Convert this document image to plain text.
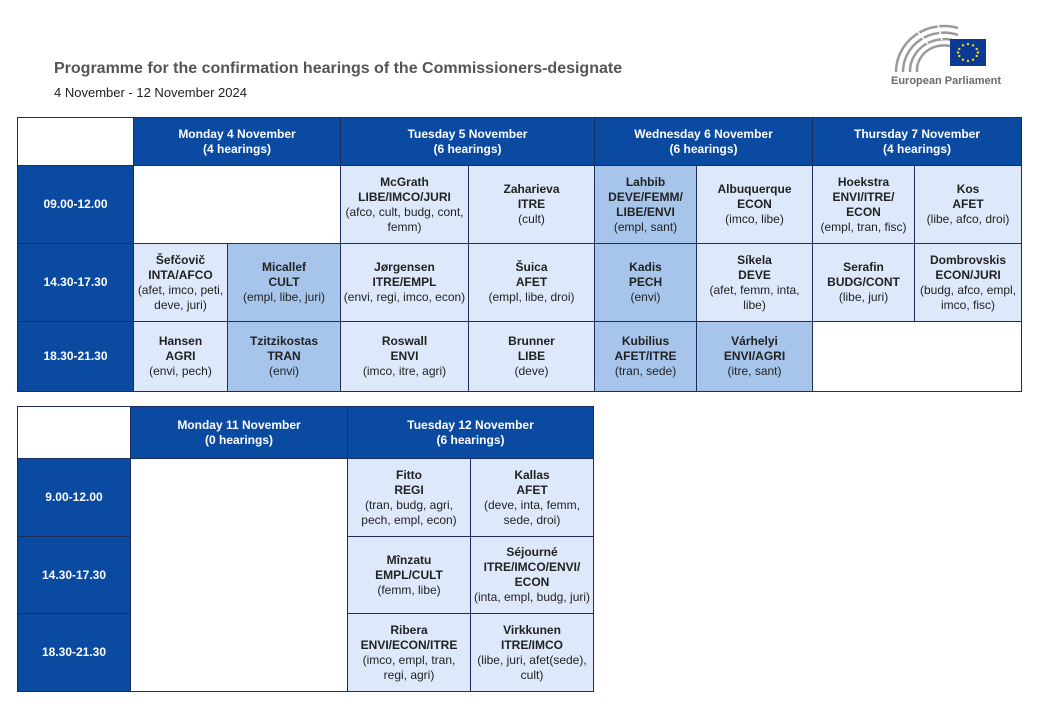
Programme for the confirmation hearings of the Commissioners-designate
4 November - 12 November 2024
European Parliament

	Monday 4 November
(4 hearings)		Tuesday 5 November
(6 hearings)		Wednesday 6 November
(6 hearings)		Thursday 7 November
(4 hearings)	

09.00-12.00			McGrath
LIBE/IMCO/JURI
(afco, cult, budg, cont, femm)	Zaharieva
ITRE
(cult)	Lahbib
DEVE/FEMM/ LIBE/ENVI
(empl, sant)	Albuquerque
ECON
(imco, libe)	Hoekstra
ENVI/ITRE/ ECON
(empl, tran, fisc)	Kos
AFET
(libe, afco, droi)

14.30-17.30	Šefčovič
INTA/AFCO
(afet, imco, peti, deve, juri)	Micallef
CULT
(empl, libe, juri)	Jørgensen
ITRE/EMPL
(envi, regi, imco, econ)	Šuica
AFET
(empl, libe, droi)	Kadis
PECH
(envi)	Síkela
DEVE
(afet, femm, inta, libe)	Serafin
BUDG/CONT
(libe, juri)	Dombrovskis
ECON/JURI
(budg, afco, empl, imco, fisc)

18.30-21.30	Hansen
AGRI
(envi, pech)	Tzitzikostas
TRAN
(envi)	Roswall
ENVI
(imco, itre, agri)	Brunner
LIBE
(deve)	Kubilius
AFET/ITRE
(tran, sede)	Várhelyi
ENVI/AGRI
(itre, sant)		

	Monday 11 November
(0 hearings)	Tuesday 12 November
(6 hearings)	

9.00-12.00		Fitto
REGI
(tran, budg, agri, pech, empl, econ)	Kallas
AFET
(deve, inta, femm, sede, droi)

14.30-17.30		Mînzatu
EMPL/CULT
(femm, libe)	Séjourné
ITRE/IMCO/ENVI/ ECON
(inta, empl, budg, juri)

18.30-21.30		Ribera
ENVI/ECON/ITRE
(imco, empl, tran, regi, agri)	Virkkunen
ITRE/IMCO
(libe, juri, afet(sede), cult)
